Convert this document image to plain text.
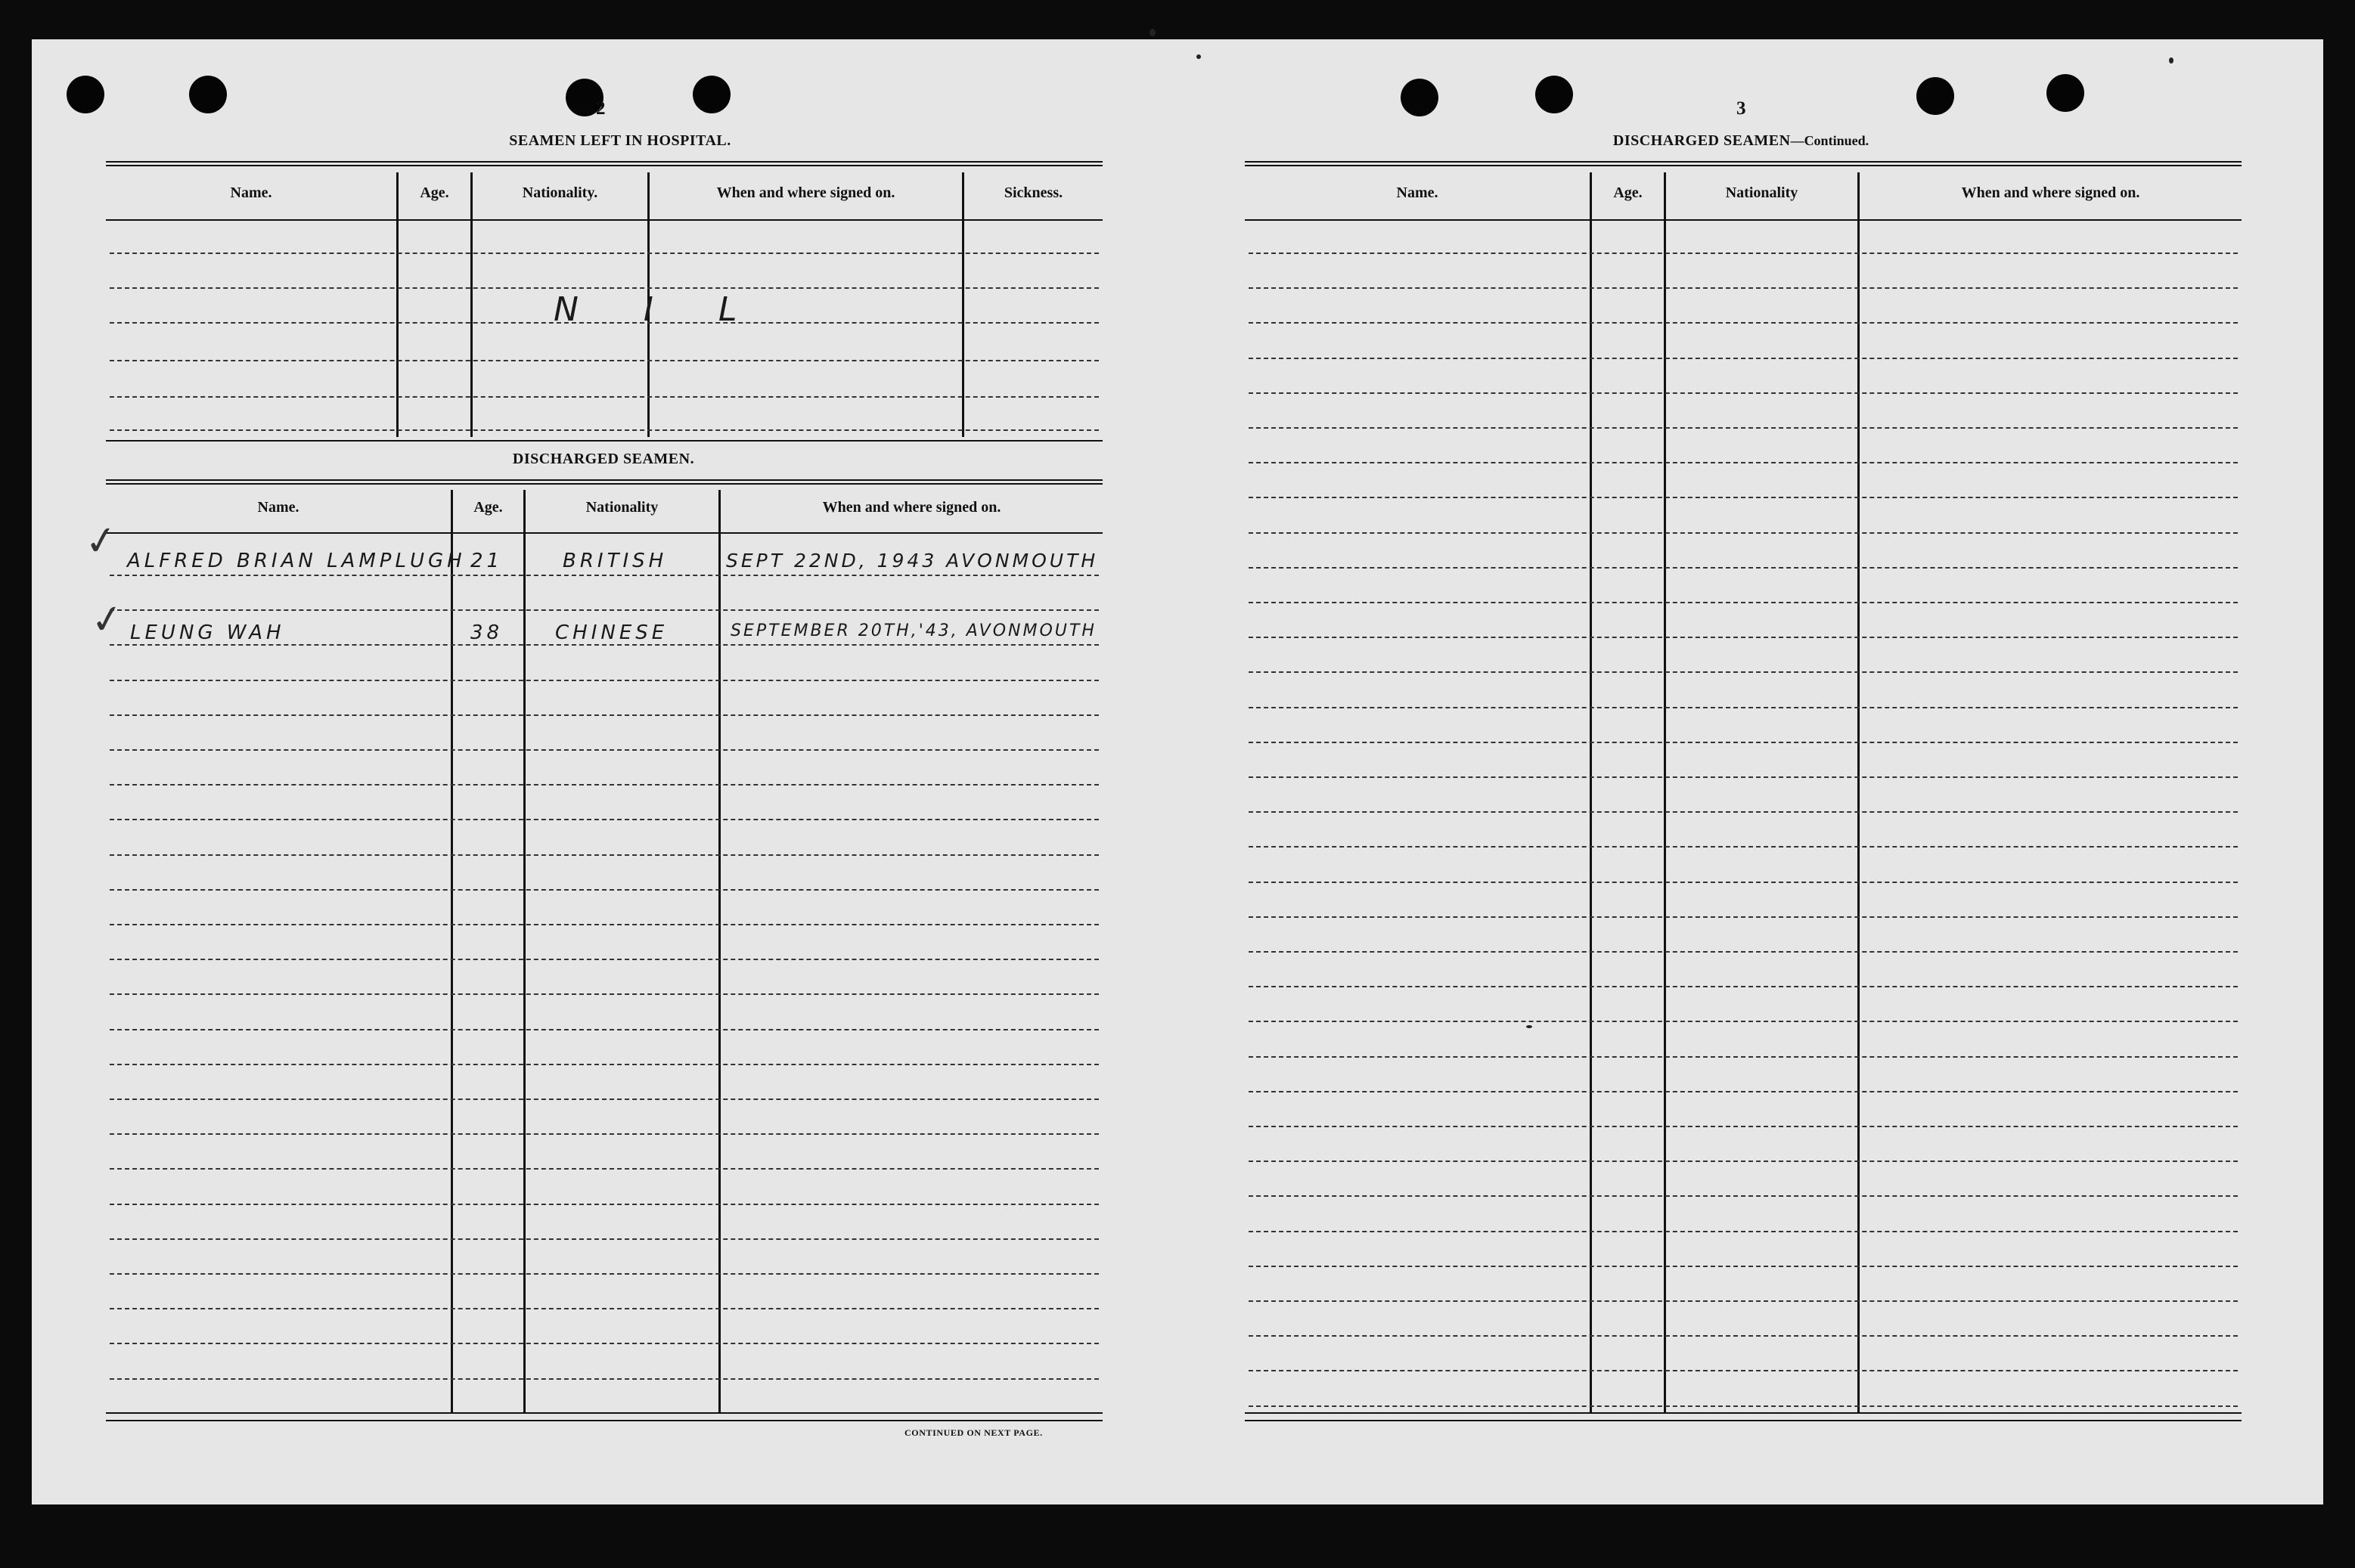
2
SEAMEN LEFT IN HOSPITAL.
Name.	Age.	Nationality.	When and where signed on.	Sickness.
N I L
DISCHARGED SEAMEN.
Name.	Age.	Nationality	When and where signed on.
✓
✓
ALFRED BRIAN LAMPLUGH 21	BRITISH	SEPT 22ND, 1943 AVONMOUTH
LEUNG WAH	38	CHINESE	SEPTEMBER 20TH,'43, AVONMOUTH
CONTINUED ON NEXT PAGE.
3
DISCHARGED SEAMEN—Continued.
Name.	Age.	Nationality	When and where signed on.
